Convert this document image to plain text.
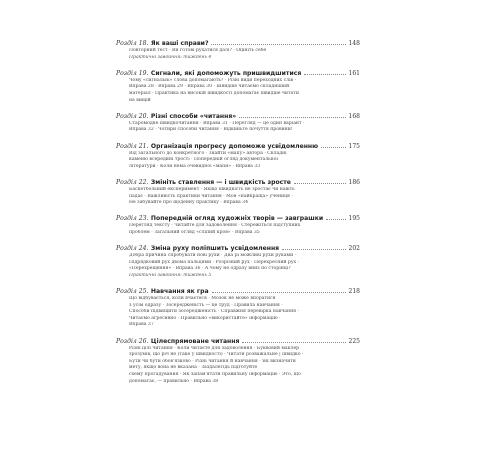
Розділ 18. Як ваші справи?	148
Повторний тест · Ви готові рухатися далі? · Оцініть себе
Практичні завдання: тиждень 4
Розділ 19. Сигнали, які допоможуть пришвидшитися	161
Чому «сигнальні» слова допомагають? · Різні види переходних слів ·
Вправа 28 · Вправа 29 · Вправа 30 · Швидше читаємо складніший
матеріал · Практика на високій швидкості допомагає швидше читати
на вищій
Розділ 20. Різні способи «читання»	168
Старомодне швидкочитання · Вправа 31 · Перегляд — це один варіант ·
Вправа 32 · Чотири способи читання · Відкиньте почуття провини!
Розділ 21. Організація прогресу допоможе усвідомленню	175
Від загального до конкретного · Знайти «мапу» автора · Складні
каменю всередині трості · Попередній огляд документальної
літератури · Коли нема очевидної «мапи» · Вправа 33
Розділ 22. Змініть ставлення — і швидкість зросте	186
Баскетбольний експеримент · Якщо швидкість не зростає чи навіть
падає · Важливість практики читання · Моя «найкраща» учениця ·
Не забувайте про щоденну практику · Вправа 34
Розділ 23. Попередній огляд художніх творів — завграшки	195
Перегляд тексту · Читайте для задоволення · Стережіться підступних
проблем · Загальний огляд «сліпий кров» · Вправа 35
Розділ 24. Зміна руху поліпшить усвідомлення	202
Добра причина спробувати нові рухи · Два рі можливі рухи руками ·
Підрядковий рух двома пальцями · Розрізний рух · Перехресний рух ·
«Перехрещення» · Вправа 36 · А чому не одразу вниз по сторінці?
Практичні завдання: тиждень 5
Розділ 25. Навчання як гра	218
Що відбувається, коли вчаєтеся · Мозок не може впоратися
з усім одразу · Зосередженість — це труд · Правила навчання ·
Способи підвищити зосередженість · Справжня перевірка навчання ·
Читаємо агресивно · Правильно «використайте» інформацію ·
Вправа 37
Розділ 26. Цілеспрямоване читання	225
Різні цілі читання · Коли читаєте для задоволення · Буквовий маклер
зрозумів, що річ не (таке у швидкості) · Читати розважальне | швидко ·
Бути чи бути обов'язково · Різні читання й навчання · Як визначити
мету, якщо вона не вказана · Заздалегідь підготуйте
схему прогадування · Як запам'ятати правильну інформацію · Это, що
допомагає, — правильно · Вправа 38
